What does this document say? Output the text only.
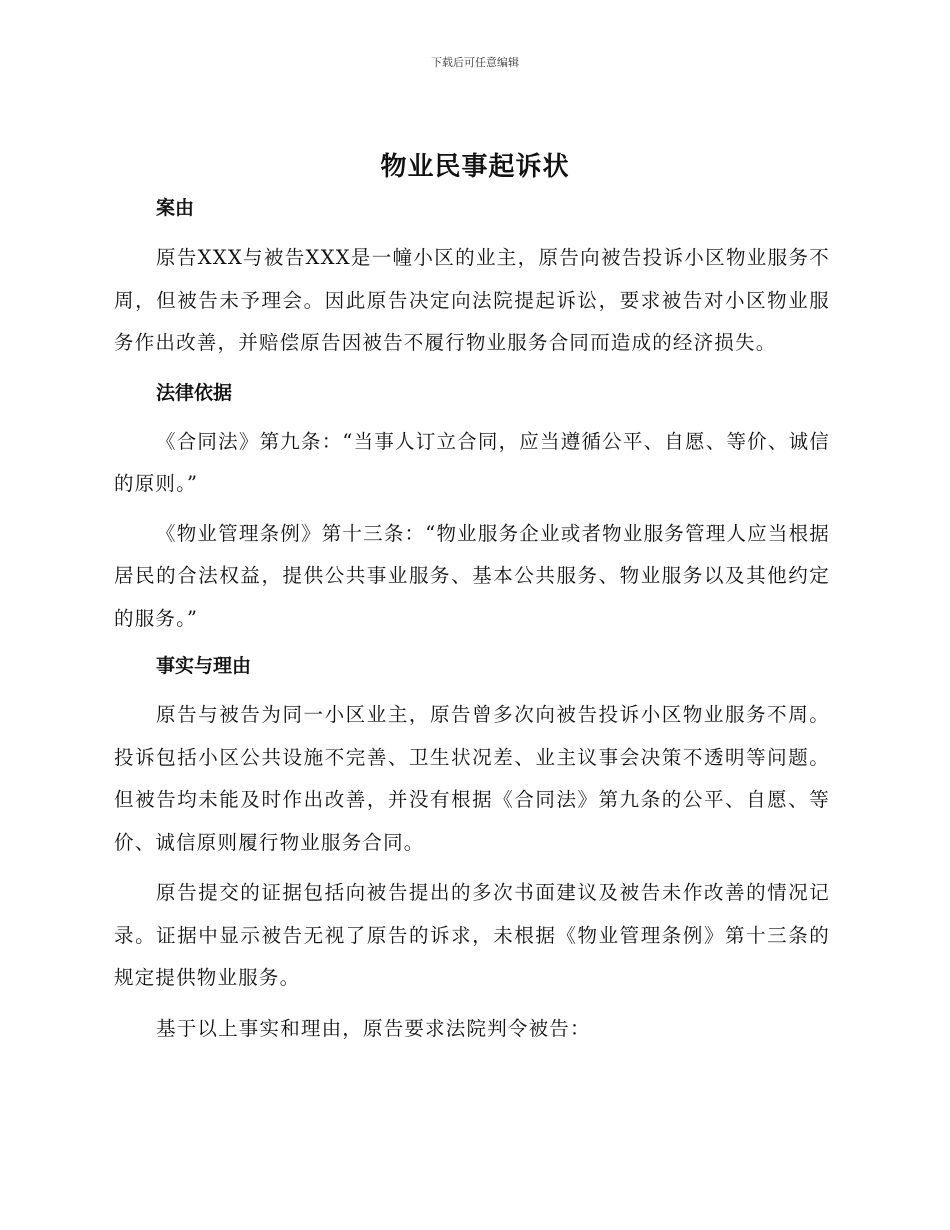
下载后可任意编辑
物业民事起诉状

案由

原告XXX与被告XXX是一幢小区的业主，原告向被告投诉小区物业服务不周，但被告未予理会。因此原告决定向法院提起诉讼，要求被告对小区物业服务作出改善，并赔偿原告因被告不履行物业服务合同而造成的经济损失。

法律依据

《合同法》第九条：“当事人订立合同，应当遵循公平、自愿、等价、诚信的原则。”

《物业管理条例》第十三条：“物业服务企业或者物业服务管理人应当根据居民的合法权益，提供公共事业服务、基本公共服务、物业服务以及其他约定的服务。”

事实与理由

原告与被告为同一小区业主，原告曾多次向被告投诉小区物业服务不周。投诉包括小区公共设施不完善、卫生状况差、业主议事会决策不透明等问题。但被告均未能及时作出改善，并没有根据《合同法》第九条的公平、自愿、等价、诚信原则履行物业服务合同。

原告提交的证据包括向被告提出的多次书面建议及被告未作改善的情况记录。证据中显示被告无视了原告的诉求，未根据《物业管理条例》第十三条的规定提供物业服务。

基于以上事实和理由，原告要求法院判令被告：
